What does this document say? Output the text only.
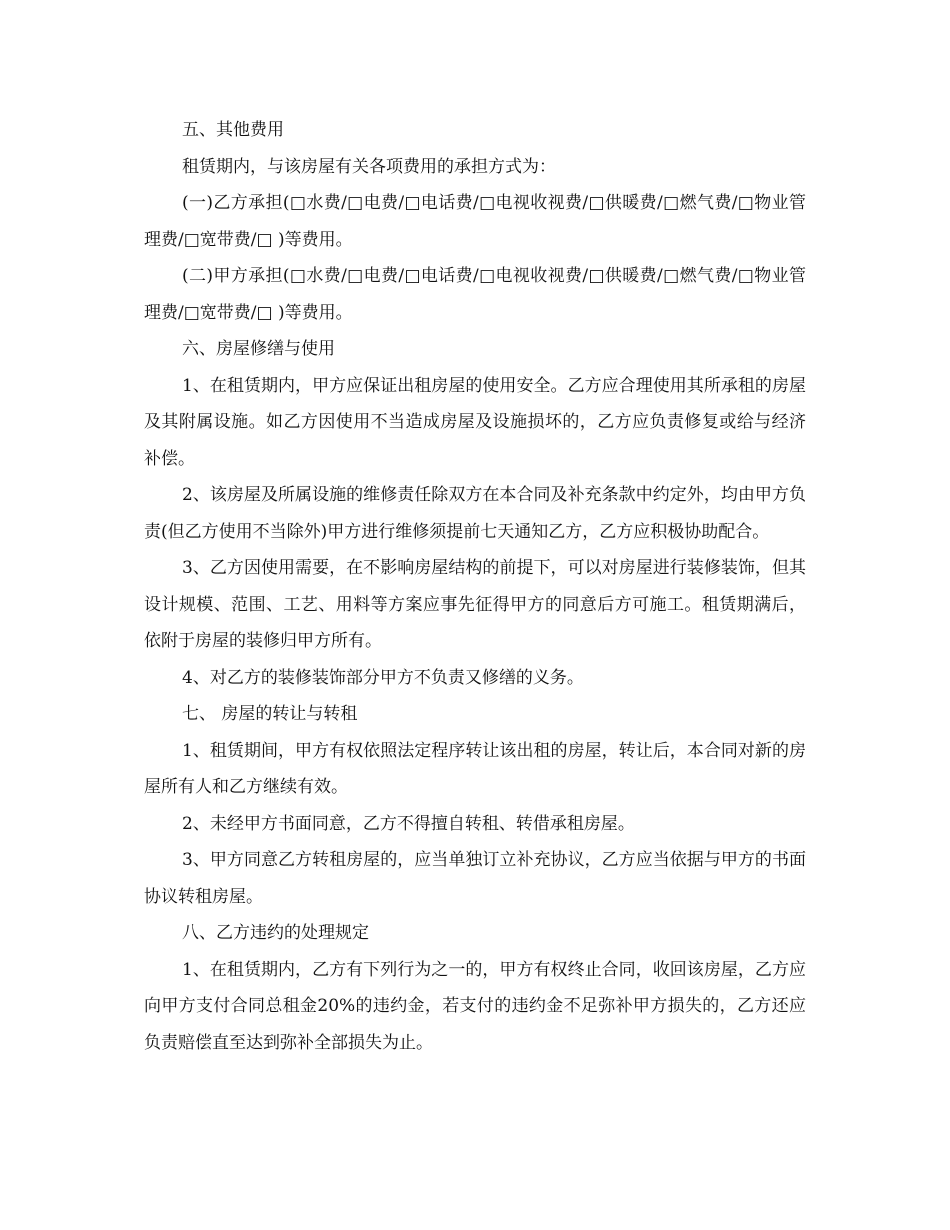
五、其他费用

租赁期内，与该房屋有关各项费用的承担方式为：

(一)乙方承担(□水费/□电费/□电话费/□电视收视费/□供暖费/□燃气费/□物业管理费/□宽带费/□ )等费用。

(二)甲方承担(□水费/□电费/□电话费/□电视收视费/□供暖费/□燃气费/□物业管理费/□宽带费/□ )等费用。

六、房屋修缮与使用

1、在租赁期内，甲方应保证出租房屋的使用安全。乙方应合理使用其所承租的房屋及其附属设施。如乙方因使用不当造成房屋及设施损坏的，乙方应负责修复或给与经济补偿。

2、该房屋及所属设施的维修责任除双方在本合同及补充条款中约定外，均由甲方负责(但乙方使用不当除外)甲方进行维修须提前七天通知乙方，乙方应积极协助配合。

3、乙方因使用需要，在不影响房屋结构的前提下，可以对房屋进行装修装饰，但其设计规模、范围、工艺、用料等方案应事先征得甲方的同意后方可施工。租赁期满后，依附于房屋的装修归甲方所有。

4、对乙方的装修装饰部分甲方不负责又修缮的义务。

七、 房屋的转让与转租

1、租赁期间，甲方有权依照法定程序转让该出租的房屋，转让后，本合同对新的房屋所有人和乙方继续有效。

2、未经甲方书面同意，乙方不得擅自转租、转借承租房屋。

3、甲方同意乙方转租房屋的，应当单独订立补充协议，乙方应当依据与甲方的书面协议转租房屋。

八、乙方违约的处理规定

1、在租赁期内，乙方有下列行为之一的，甲方有权终止合同，收回该房屋，乙方应向甲方支付合同总租金20%的违约金，若支付的违约金不足弥补甲方损失的，乙方还应负责赔偿直至达到弥补全部损失为止。
